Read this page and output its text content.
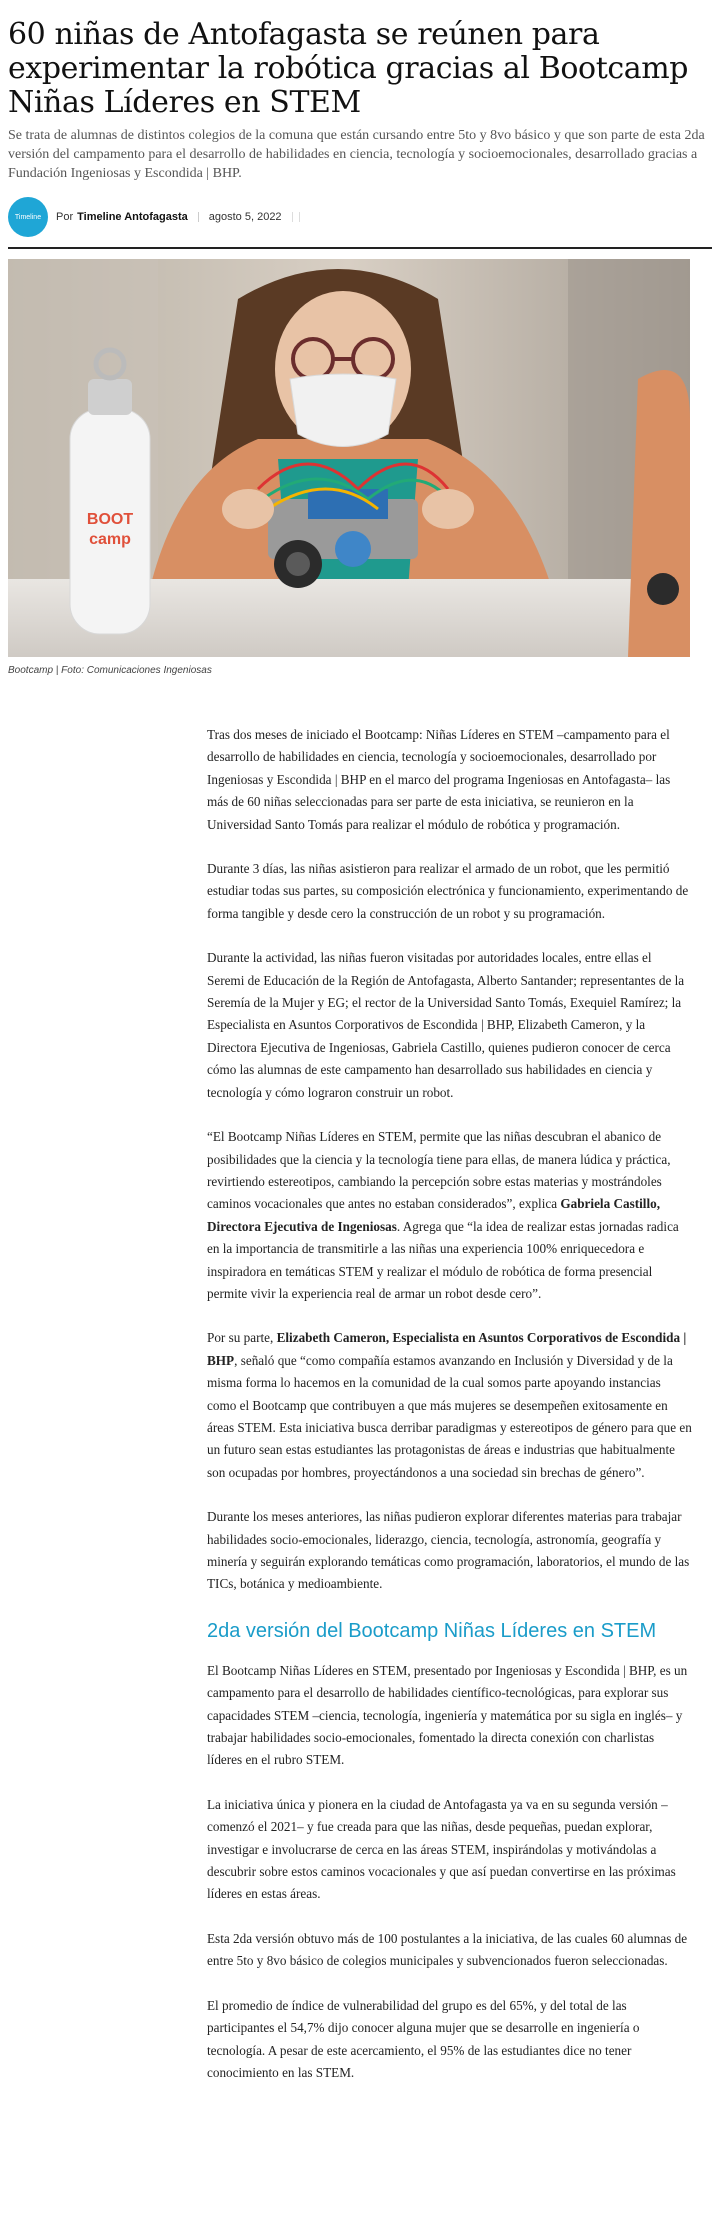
60 niñas de Antofagasta se reúnen para experimentar la robótica gracias al Bootcamp Niñas Líderes en STEM

Se trata de alumnas de distintos colegios de la comuna que están cursando entre 5to y 8vo básico y que son parte de esta 2da versión del campamento para el desarrollo de habilidades en ciencia, tecnología y socioemocionales, desarrollado gracias a Fundación Ingeniosas y Escondida | BHP.

Timeline Por Timeline Antofagasta agosto 5, 2022
BOOT
camp
Bootcamp | Foto: Comunicaciones Ingeniosas

Tras dos meses de iniciado el Bootcamp: Niñas Líderes en STEM –campamento para el desarrollo de habilidades en ciencia, tecnología y socioemocionales, desarrollado por Ingeniosas y Escondida | BHP en el marco del programa Ingeniosas en Antofagasta– las más de 60 niñas seleccionadas para ser parte de esta iniciativa, se reunieron en la Universidad Santo Tomás para realizar el módulo de robótica y programación.

Durante 3 días, las niñas asistieron para realizar el armado de un robot, que les permitió estudiar todas sus partes, su composición electrónica y funcionamiento, experimentando de forma tangible y desde cero la construcción de un robot y su programación.

Durante la actividad, las niñas fueron visitadas por autoridades locales, entre ellas el Seremi de Educación de la Región de Antofagasta, Alberto Santander; representantes de la Seremía de la Mujer y EG; el rector de la Universidad Santo Tomás, Exequiel Ramírez; la Especialista en Asuntos Corporativos de Escondida | BHP, Elizabeth Cameron, y la Directora Ejecutiva de Ingeniosas, Gabriela Castillo, quienes pudieron conocer de cerca cómo las alumnas de este campamento han desarrollado sus habilidades en ciencia y tecnología y cómo lograron construir un robot.

“El Bootcamp Niñas Líderes en STEM, permite que las niñas descubran el abanico de posibilidades que la ciencia y la tecnología tiene para ellas, de manera lúdica y práctica, revirtiendo estereotipos, cambiando la percepción sobre estas materias y mostrándoles caminos vocacionales que antes no estaban considerados”, explica Gabriela Castillo, Directora Ejecutiva de Ingeniosas. Agrega que “la idea de realizar estas jornadas radica en la importancia de transmitirle a las niñas una experiencia 100% enriquecedora e inspiradora en temáticas STEM y realizar el módulo de robótica de forma presencial permite vivir la experiencia real de armar un robot desde cero”.

Por su parte, Elizabeth Cameron, Especialista en Asuntos Corporativos de Escondida | BHP, señaló que “como compañía estamos avanzando en Inclusión y Diversidad y de la misma forma lo hacemos en la comunidad de la cual somos parte apoyando instancias como el Bootcamp que contribuyen a que más mujeres se desempeñen exitosamente en áreas STEM. Esta iniciativa busca derribar paradigmas y estereotipos de género para que en un futuro sean estas estudiantes las protagonistas de áreas e industrias que habitualmente son ocupadas por hombres, proyectándonos a una sociedad sin brechas de género”.

Durante los meses anteriores, las niñas pudieron explorar diferentes materias para trabajar habilidades socio-emocionales, liderazgo, ciencia, tecnología, astronomía, geografía y minería y seguirán explorando temáticas como programación, laboratorios, el mundo de las TICs, botánica y medioambiente.

2da versión del Bootcamp Niñas Líderes en STEM

El Bootcamp Niñas Líderes en STEM, presentado por Ingeniosas y Escondida | BHP, es un campamento para el desarrollo de habilidades científico-tecnológicas, para explorar sus capacidades STEM –ciencia, tecnología, ingeniería y matemática por su sigla en inglés– y trabajar habilidades socio-emocionales, fomentado la directa conexión con charlistas líderes en el rubro STEM.

La iniciativa única y pionera en la ciudad de Antofagasta ya va en su segunda versión –comenzó el 2021– y fue creada para que las niñas, desde pequeñas, puedan explorar, investigar e involucrarse de cerca en las áreas STEM, inspirándolas y motivándolas a descubrir sobre estos caminos vocacionales y que así puedan convertirse en las próximas líderes en estas áreas.

Esta 2da versión obtuvo más de 100 postulantes a la iniciativa, de las cuales 60 alumnas de entre 5to y 8vo básico de colegios municipales y subvencionados fueron seleccionadas.

El promedio de índice de vulnerabilidad del grupo es del 65%, y del total de las participantes el 54,7% dijo conocer alguna mujer que se desarrolle en ingeniería o tecnología. A pesar de este acercamiento, el 95% de las estudiantes dice no tener conocimiento en las STEM.
